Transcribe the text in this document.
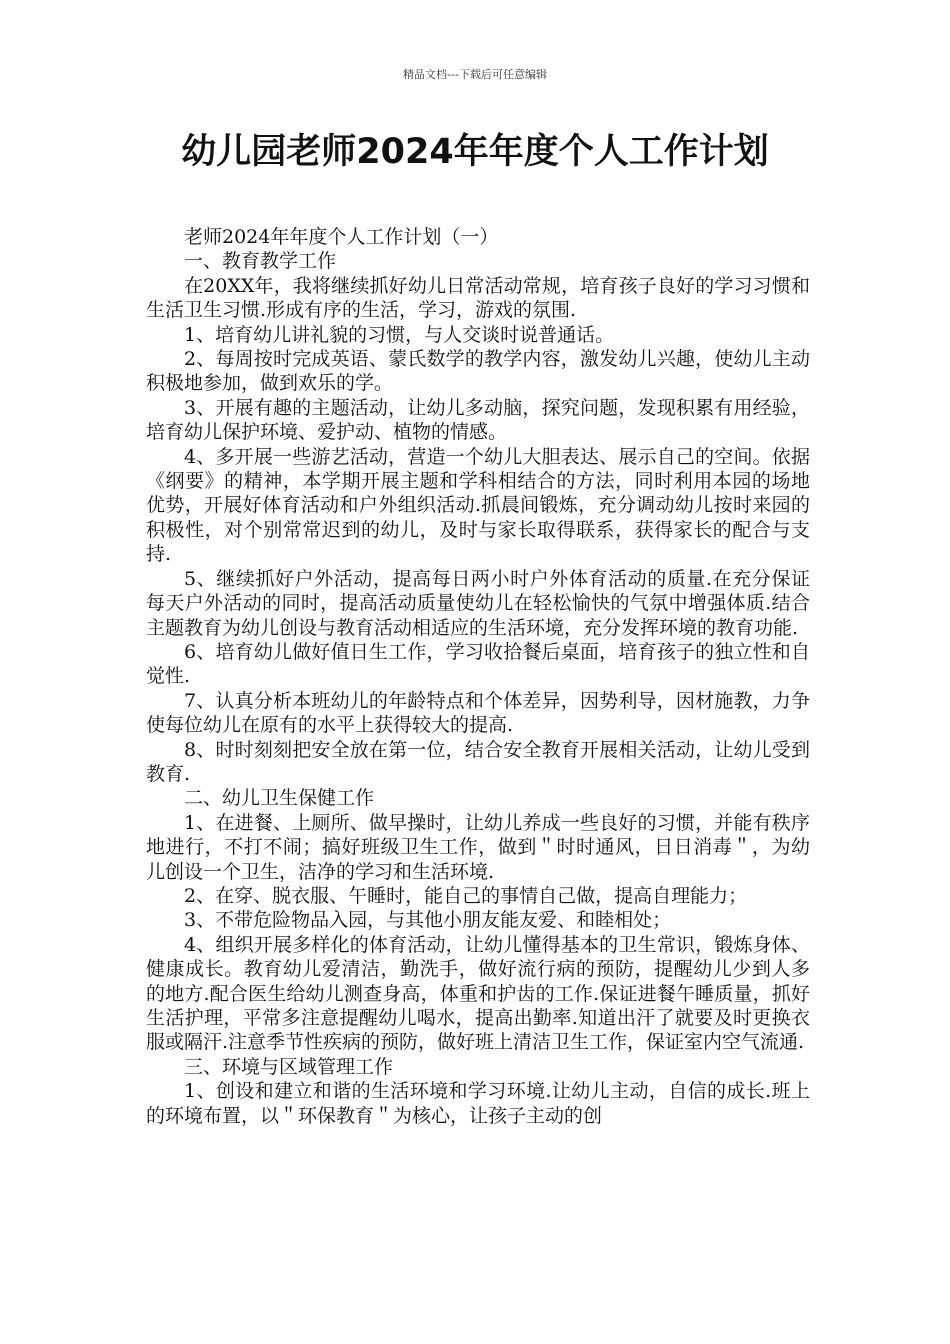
精品文档---下载后可任意编辑
幼儿园老师2024年年度个人工作计划

老师2024年年度个人工作计划（一）

一、教育教学工作

在20XX年，我将继续抓好幼儿日常活动常规，培育孩子良好的学习习惯和生活卫生习惯.形成有序的生活，学习，游戏的氛围.

1、培育幼儿讲礼貌的习惯，与人交谈时说普通话。

2、每周按时完成英语、蒙氏数学的教学内容，激发幼儿兴趣，使幼儿主动积极地参加，做到欢乐的学。

3、开展有趣的主题活动，让幼儿多动脑，探究问题，发现积累有用经验，培育幼儿保护环境、爱护动、植物的情感。

4、多开展一些游艺活动，营造一个幼儿大胆表达、展示自己的空间。依据《纲要》的精神，本学期开展主题和学科相结合的方法，同时利用本园的场地优势，开展好体育活动和户外组织活动.抓晨间锻炼，充分调动幼儿按时来园的积极性，对个别常常迟到的幼儿，及时与家长取得联系，获得家长的配合与支持.

5、继续抓好户外活动，提高每日两小时户外体育活动的质量.在充分保证每天户外活动的同时，提高活动质量使幼儿在轻松愉快的气氛中增强体质.结合主题教育为幼儿创设与教育活动相适应的生活环境，充分发挥环境的教育功能.

6、培育幼儿做好值日生工作，学习收拾餐后桌面，培育孩子的独立性和自觉性.

7、认真分析本班幼儿的年龄特点和个体差异，因势利导，因材施教，力争使每位幼儿在原有的水平上获得较大的提高.

8、时时刻刻把安全放在第一位，结合安全教育开展相关活动，让幼儿受到教育.

二、幼儿卫生保健工作

1、在进餐、上厕所、做早操时，让幼儿养成一些良好的习惯，并能有秩序地进行，不打不闹；搞好班级卫生工作，做到＂时时通风，日日消毒＂，为幼儿创设一个卫生，洁净的学习和生活环境.

2、在穿、脱衣服、午睡时，能自己的事情自己做，提高自理能力；

3、不带危险物品入园，与其他小朋友能友爱、和睦相处；

4、组织开展多样化的体育活动，让幼儿懂得基本的卫生常识，锻炼身体、健康成长。教育幼儿爱清洁，勤洗手，做好流行病的预防，提醒幼儿少到人多的地方.配合医生给幼儿测查身高，体重和护齿的工作.保证进餐午睡质量，抓好生活护理，平常多注意提醒幼儿喝水，提高出勤率.知道出汗了就要及时更换衣服或隔汗.注意季节性疾病的预防，做好班上清洁卫生工作，保证室内空气流通.

三、环境与区域管理工作

1、创设和建立和谐的生活环境和学习环境.让幼儿主动，自信的成长.班上的环境布置，以＂环保教育＂为核心，让孩子主动的创
